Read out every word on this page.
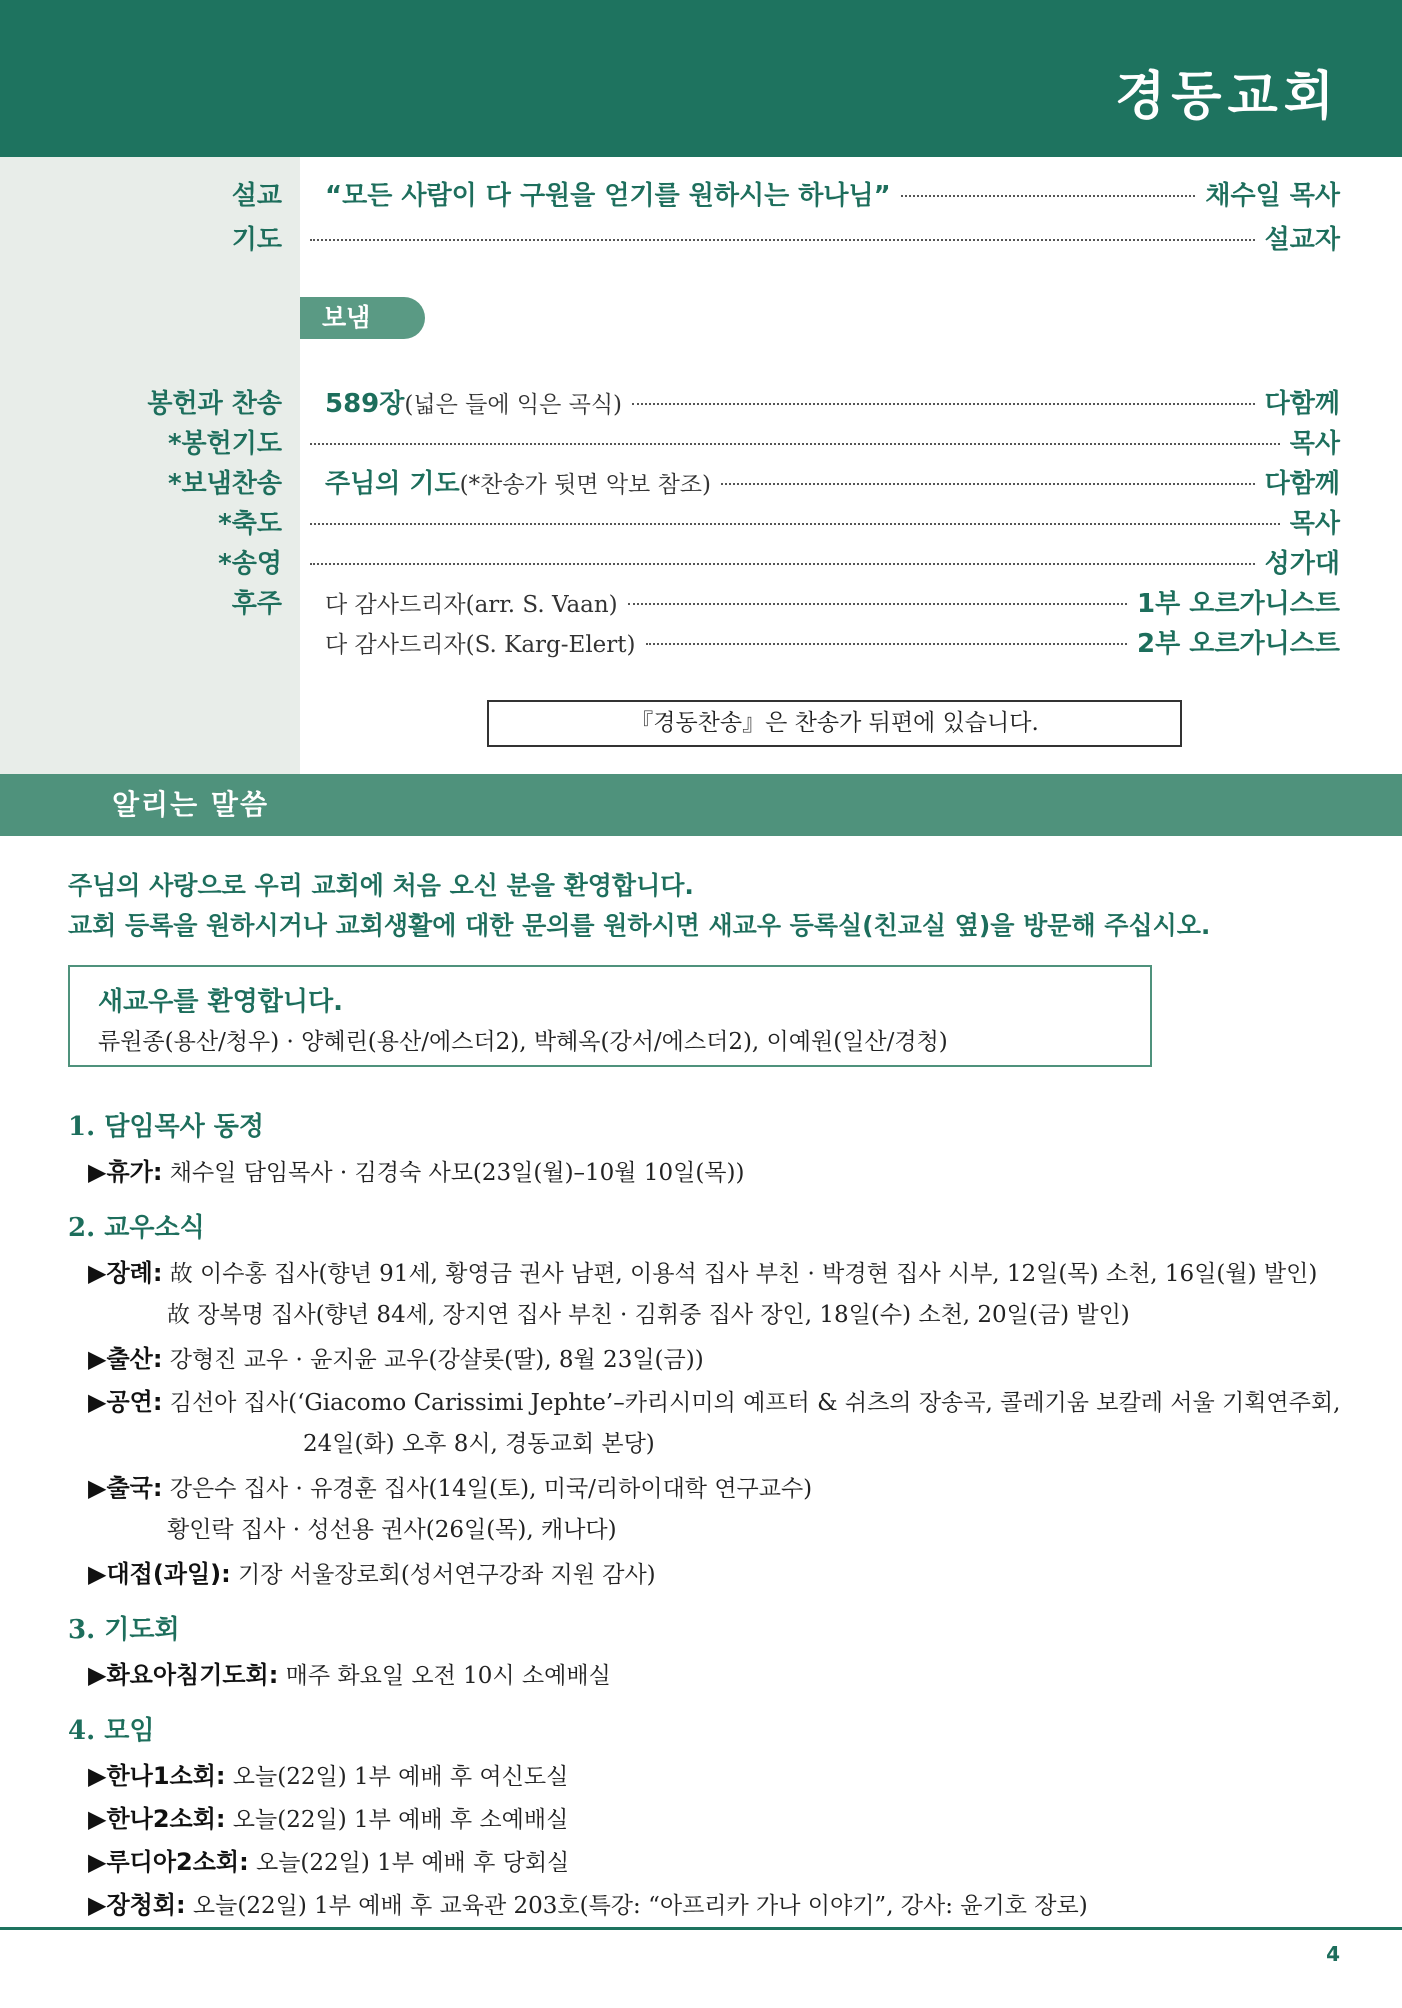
경동교회
설교 “모든 사람이 다 구원을 얻기를 원하시는 하나님”	채수일 목사
기도	설교자
보냄
봉헌과 찬송 589장(넓은 들에 익은 곡식)	다함께
*봉헌기도	목사
*보냄찬송 주님의 기도(*찬송가 뒷면 악보 참조)	다함께
*축도	목사
*송영	성가대
후주 다 감사드리자(arr. S. Vaan)	1부 오르가니스트
다 감사드리자(S. Karg-Elert)	2부 오르가니스트
『경동찬송』은 찬송가 뒤편에 있습니다.
알리는 말씀
주님의 사랑으로 우리 교회에 처음 오신 분을 환영합니다.
교회 등록을 원하시거나 교회생활에 대한 문의를 원하시면 새교우 등록실(친교실 옆)을 방문해 주십시오.
새교우를 환영합니다.
류원종(용산/청우) · 양혜린(용산/에스더2), 박혜옥(강서/에스더2), 이예원(일산/경청)
1. 담임목사 동정
▶휴가: 채수일 담임목사 · 김경숙 사모(23일(월)–10월 10일(목))
2. 교우소식
▶장례: 故 이수홍 집사(향년 91세, 황영금 권사 남편, 이용석 집사 부친 · 박경현 집사 시부, 12일(목) 소천, 16일(월) 발인)
故 장복명 집사(향년 84세, 장지연 집사 부친 · 김휘중 집사 장인, 18일(수) 소천, 20일(금) 발인)
▶출산: 강형진 교우 · 윤지윤 교우(강샬롯(딸), 8월 23일(금))
▶공연: 김선아 집사(‘Giacomo Carissimi Jephte’–카리시미의 예프터 & 쉬츠의 장송곡, 콜레기움 보칼레 서울 기획연주회,
24일(화) 오후 8시, 경동교회 본당)
▶출국: 강은수 집사 · 유경훈 집사(14일(토), 미국/리하이대학 연구교수)
황인락 집사 · 성선용 권사(26일(목), 캐나다)
▶대접(과일): 기장 서울장로회(성서연구강좌 지원 감사)
3. 기도회
▶화요아침기도회: 매주 화요일 오전 10시 소예배실
4. 모임
▶한나1소회: 오늘(22일) 1부 예배 후 여신도실
▶한나2소회: 오늘(22일) 1부 예배 후 소예배실
▶루디아2소회: 오늘(22일) 1부 예배 후 당회실
▶장청회: 오늘(22일) 1부 예배 후 교육관 203호(특강: “아프리카 가나 이야기”, 강사: 윤기호 장로)
4
